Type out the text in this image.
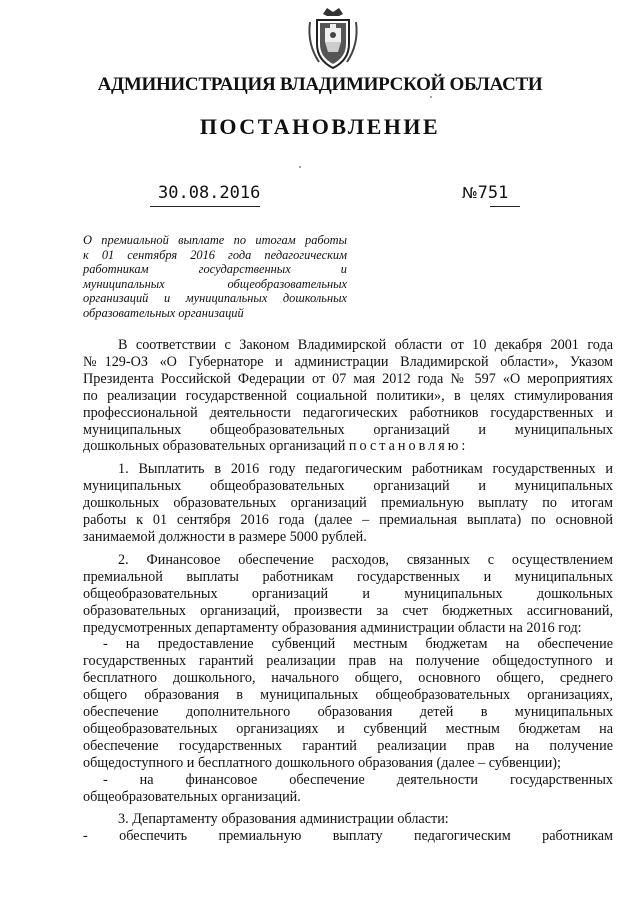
АДМИНИСТРАЦИЯ ВЛАДИМИРСКОЙ ОБЛАСТИ
ПОСТАНОВЛЕНИЕ
30.08.2016	№751
О премиальной выплате по итогам работы
к 01 сентября 2016 года педагогическим
работникам государственных и
муниципальных общеобразовательных
организаций и муниципальных дошкольных
образовательных организаций
В соответствии с Законом Владимирской области от 10 декабря 2001 года
№129-ОЗ «О Губернаторе и администрации Владимирской области», Указом
Президента Российской Федерации от 07 мая 2012 года № 597 «О мероприятиях
по реализации государственной социальной политики», в целях стимулирования
профессиональной деятельности педагогических работников государственных и
муниципальных общеобразовательных организаций и муниципальных
дошкольных образовательных организаций постановляю:
1. Выплатить в 2016 году педагогическим работникам государственных и
муниципальных общеобразовательных организаций и муниципальных
дошкольных образовательных организаций премиальную выплату по итогам
работы к 01 сентября 2016 года (далее – премиальная выплата) по основной
занимаемой должности в размере 5000 рублей.
2. Финансовое обеспечение расходов, связанных с осуществлением
премиальной выплаты работникам государственных и муниципальных
общеобразовательных организаций и муниципальных дошкольных
образовательных организаций, произвести за счет бюджетных ассигнований,
предусмотренных департаменту образования администрации области на 2016 год:
- на предоставление субвенций местным бюджетам на обеспечение
государственных гарантий реализации прав на получение общедоступного и
бесплатного дошкольного, начального общего, основного общего, среднего
общего образования в муниципальных общеобразовательных организациях,
обеспечение дополнительного образования детей в муниципальных
общеобразовательных организациях и субвенций местным бюджетам на
обеспечение государственных гарантий реализации прав на получение
общедоступного и бесплатного дошкольного образования (далее – субвенции);
- на финансовое обеспечение деятельности государственных
общеобразовательных организаций.
3. Департаменту образования администрации области:
- обеспечить премиальную выплату педагогическим работникам
